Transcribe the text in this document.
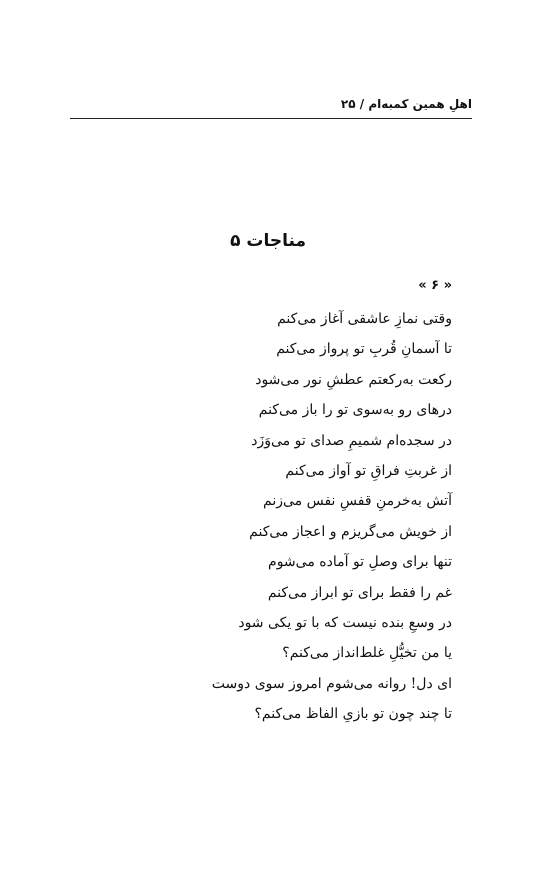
اهلِ همین کمبه‌ام / ۲۵
مناجات ۵
« ۶ »
وقتی نمازِ عاشقی آغاز می‌کنم
تا آسمانِ قُربِ تو پرواز می‌کنم
رکعت به‌رکعتم عطشِ نور می‌شود
درهای رو به‌سوی تو را باز می‌کنم
در سجده‌ام شمیمِ صدای تو می‌وَزَد
از غربتِ فراقِ تو آواز می‌کنم
آتش به‌خرمنِ قفسِ نفس می‌زنم
از خویش می‌گریزم و اعجاز می‌کنم
تنها برای وصلِ تو آماده می‌شوم
غم را فقط برای تو ابراز می‌کنم
در وسعِ بنده نیست که با تو یکی شود
یا من تخیُّلِ غلط‌انداز می‌کنم؟
ای دل! روانه می‌شوم امروز سوی دوست
تا چند چون تو بازیِ الفاظ می‌کنم؟
